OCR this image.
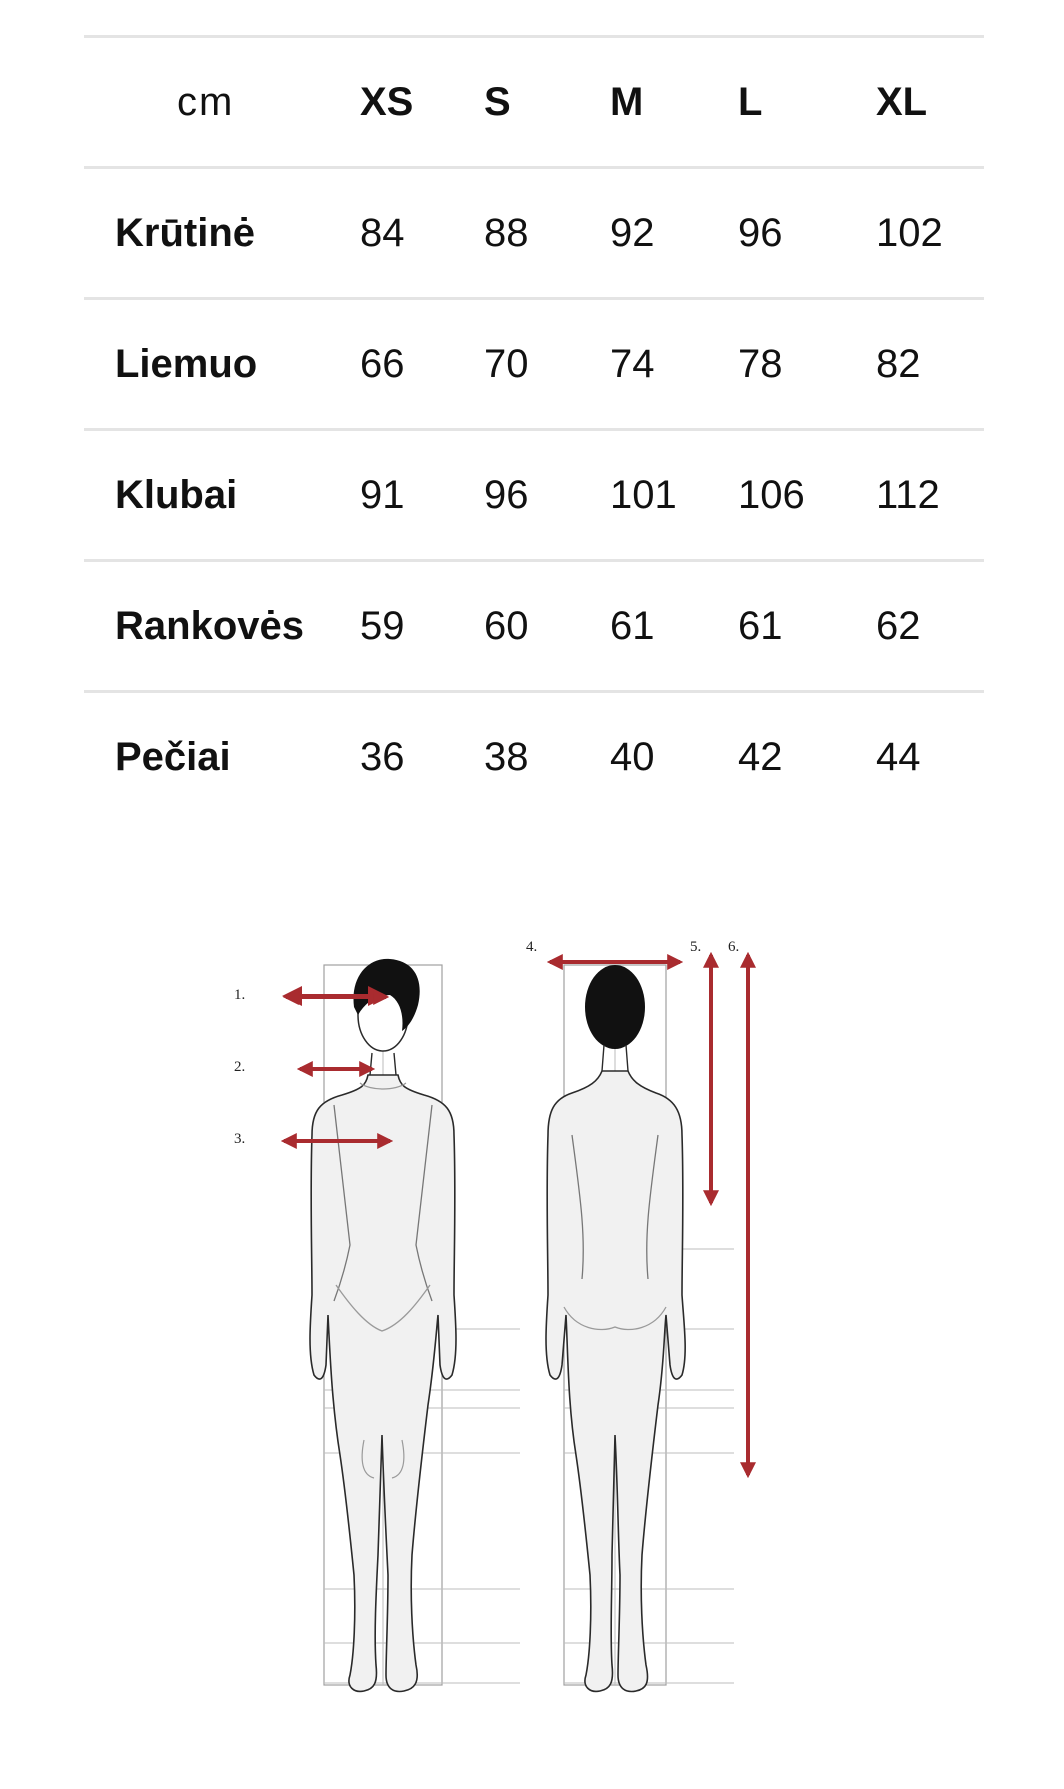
cm	XS S M L	XL
Krūtinė	84 88 92 96 102
Liemuo	66 70 74 78 82
Klubai	91 96 101 106 112
Rankovės 59 60 61 61 62
Pečiai	36 38 40 42 44
1.
2.
3.
4.	5. 6.
